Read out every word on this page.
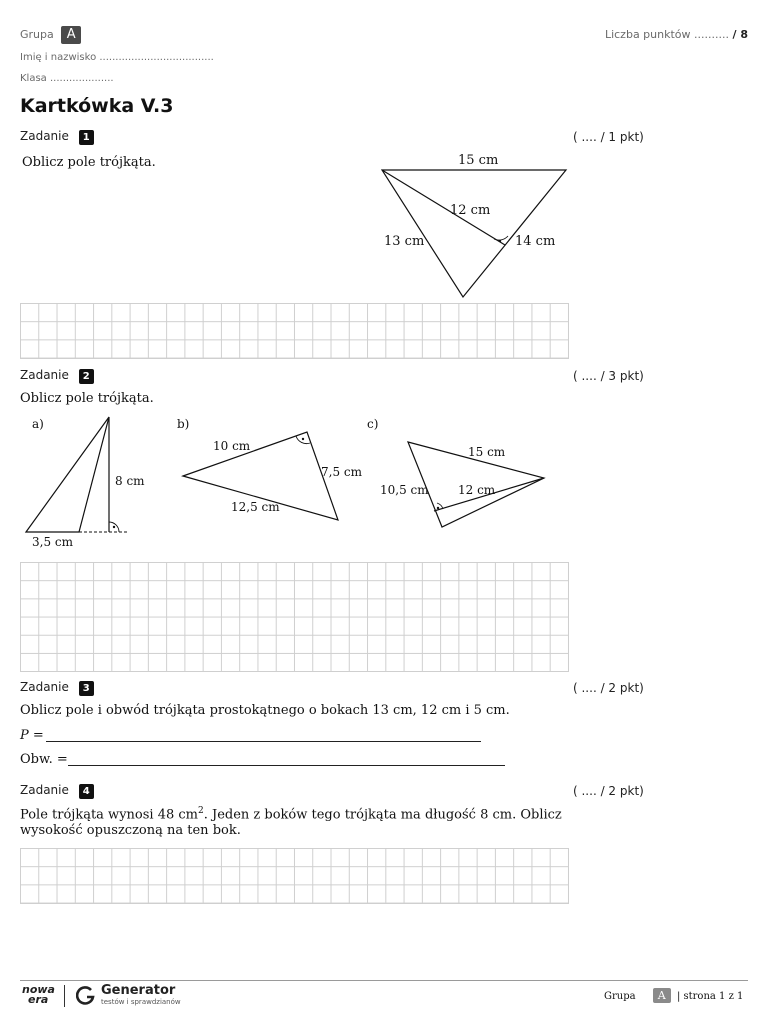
Grupa A	Liczba punktów .......... / 8
Imię i nazwisko ....................................
Klasa ....................
Kartkówka V.3
Zadanie 1	( .... / 1 pkt)
Oblicz pole trójkąta.	15 cm
12 cm
13 cm	14 cm
Zadanie 2	( .... / 3 pkt)
Oblicz pole trójkąta.
a)
8 cm
3,5 cm
b)
10 cm
7,5 cm
12,5 cm
c)
15 cm
10,5 cm 12 cm
Zadanie 3	( .... / 2 pkt)
Oblicz pole i obwód trójkąta prostokątnego o bokach 13 cm, 12 cm i 5 cm.
P =
Obw. =
Zadanie 4	( .... / 2 pkt)
Pole trójkąta wynosi 48 $cm^2$. Jeden z boków tego trójkąta ma długość 8 cm. Oblicz
wysokość opuszczoną na ten bok.
nowa
era
Generator
testów i sprawdzianów	Grupa A | strona 1 z 1
